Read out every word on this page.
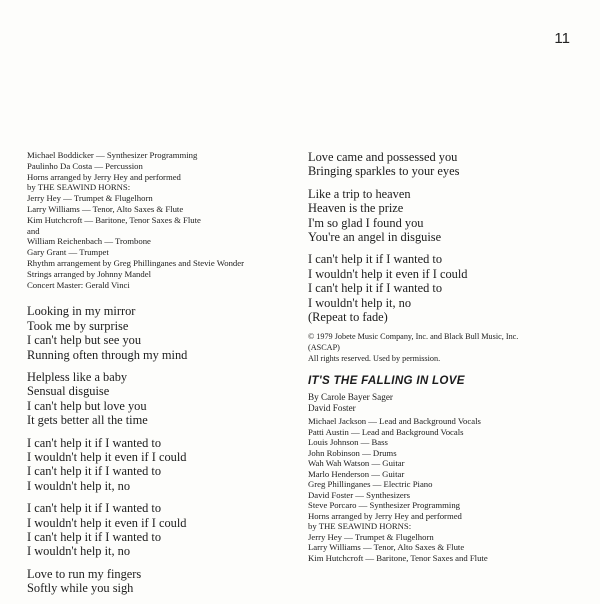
11
Michael Boddicker — Synthesizer Programming
Paulinho Da Costa — Percussion
Horns arranged by Jerry Hey and performed
by THE SEAWIND HORNS:
Jerry Hey — Trumpet & Flugelhorn
Larry Williams — Tenor, Alto Saxes & Flute
Kim Hutchcroft — Baritone, Tenor Saxes & Flute
and
William Reichenbach — Trombone
Gary Grant — Trumpet
Rhythm arrangement by Greg Phillinganes and Stevie Wonder
Strings arranged by Johnny Mandel
Concert Master: Gerald Vinci
Looking in my mirror
Took me by surprise
I can't help but see you
Running often through my mind
Helpless like a baby
Sensual disguise
I can't help but love you
It gets better all the time
I can't help it if I wanted to
I wouldn't help it even if I could
I can't help it if I wanted to
I wouldn't help it, no
I can't help it if I wanted to
I wouldn't help it even if I could
I can't help it if I wanted to
I wouldn't help it, no
Love to run my fingers
Softly while you sigh
Love came and possessed you
Bringing sparkles to your eyes
Like a trip to heaven
Heaven is the prize
I'm so glad I found you
You're an angel in disguise
I can't help it if I wanted to
I wouldn't help it even if I could
I can't help it if I wanted to
I wouldn't help it, no
(Repeat to fade)
© 1979 Jobete Music Company, Inc. and Black Bull Music, Inc.
(ASCAP)
All rights reserved. Used by permission.
IT'S THE FALLING IN LOVE
By Carole Bayer Sager
David Foster
Michael Jackson — Lead and Background Vocals
Patti Austin — Lead and Background Vocals
Louis Johnson — Bass
John Robinson — Drums
Wah Wah Watson — Guitar
Marlo Henderson — Guitar
Greg Phillinganes — Electric Piano
David Foster — Synthesizers
Steve Porcaro — Synthesizer Programming
Horns arranged by Jerry Hey and performed
by THE SEAWIND HORNS:
Jerry Hey — Trumpet & Flugelhorn
Larry Williams — Tenor, Alto Saxes & Flute
Kim Hutchcroft — Baritone, Tenor Saxes and Flute
